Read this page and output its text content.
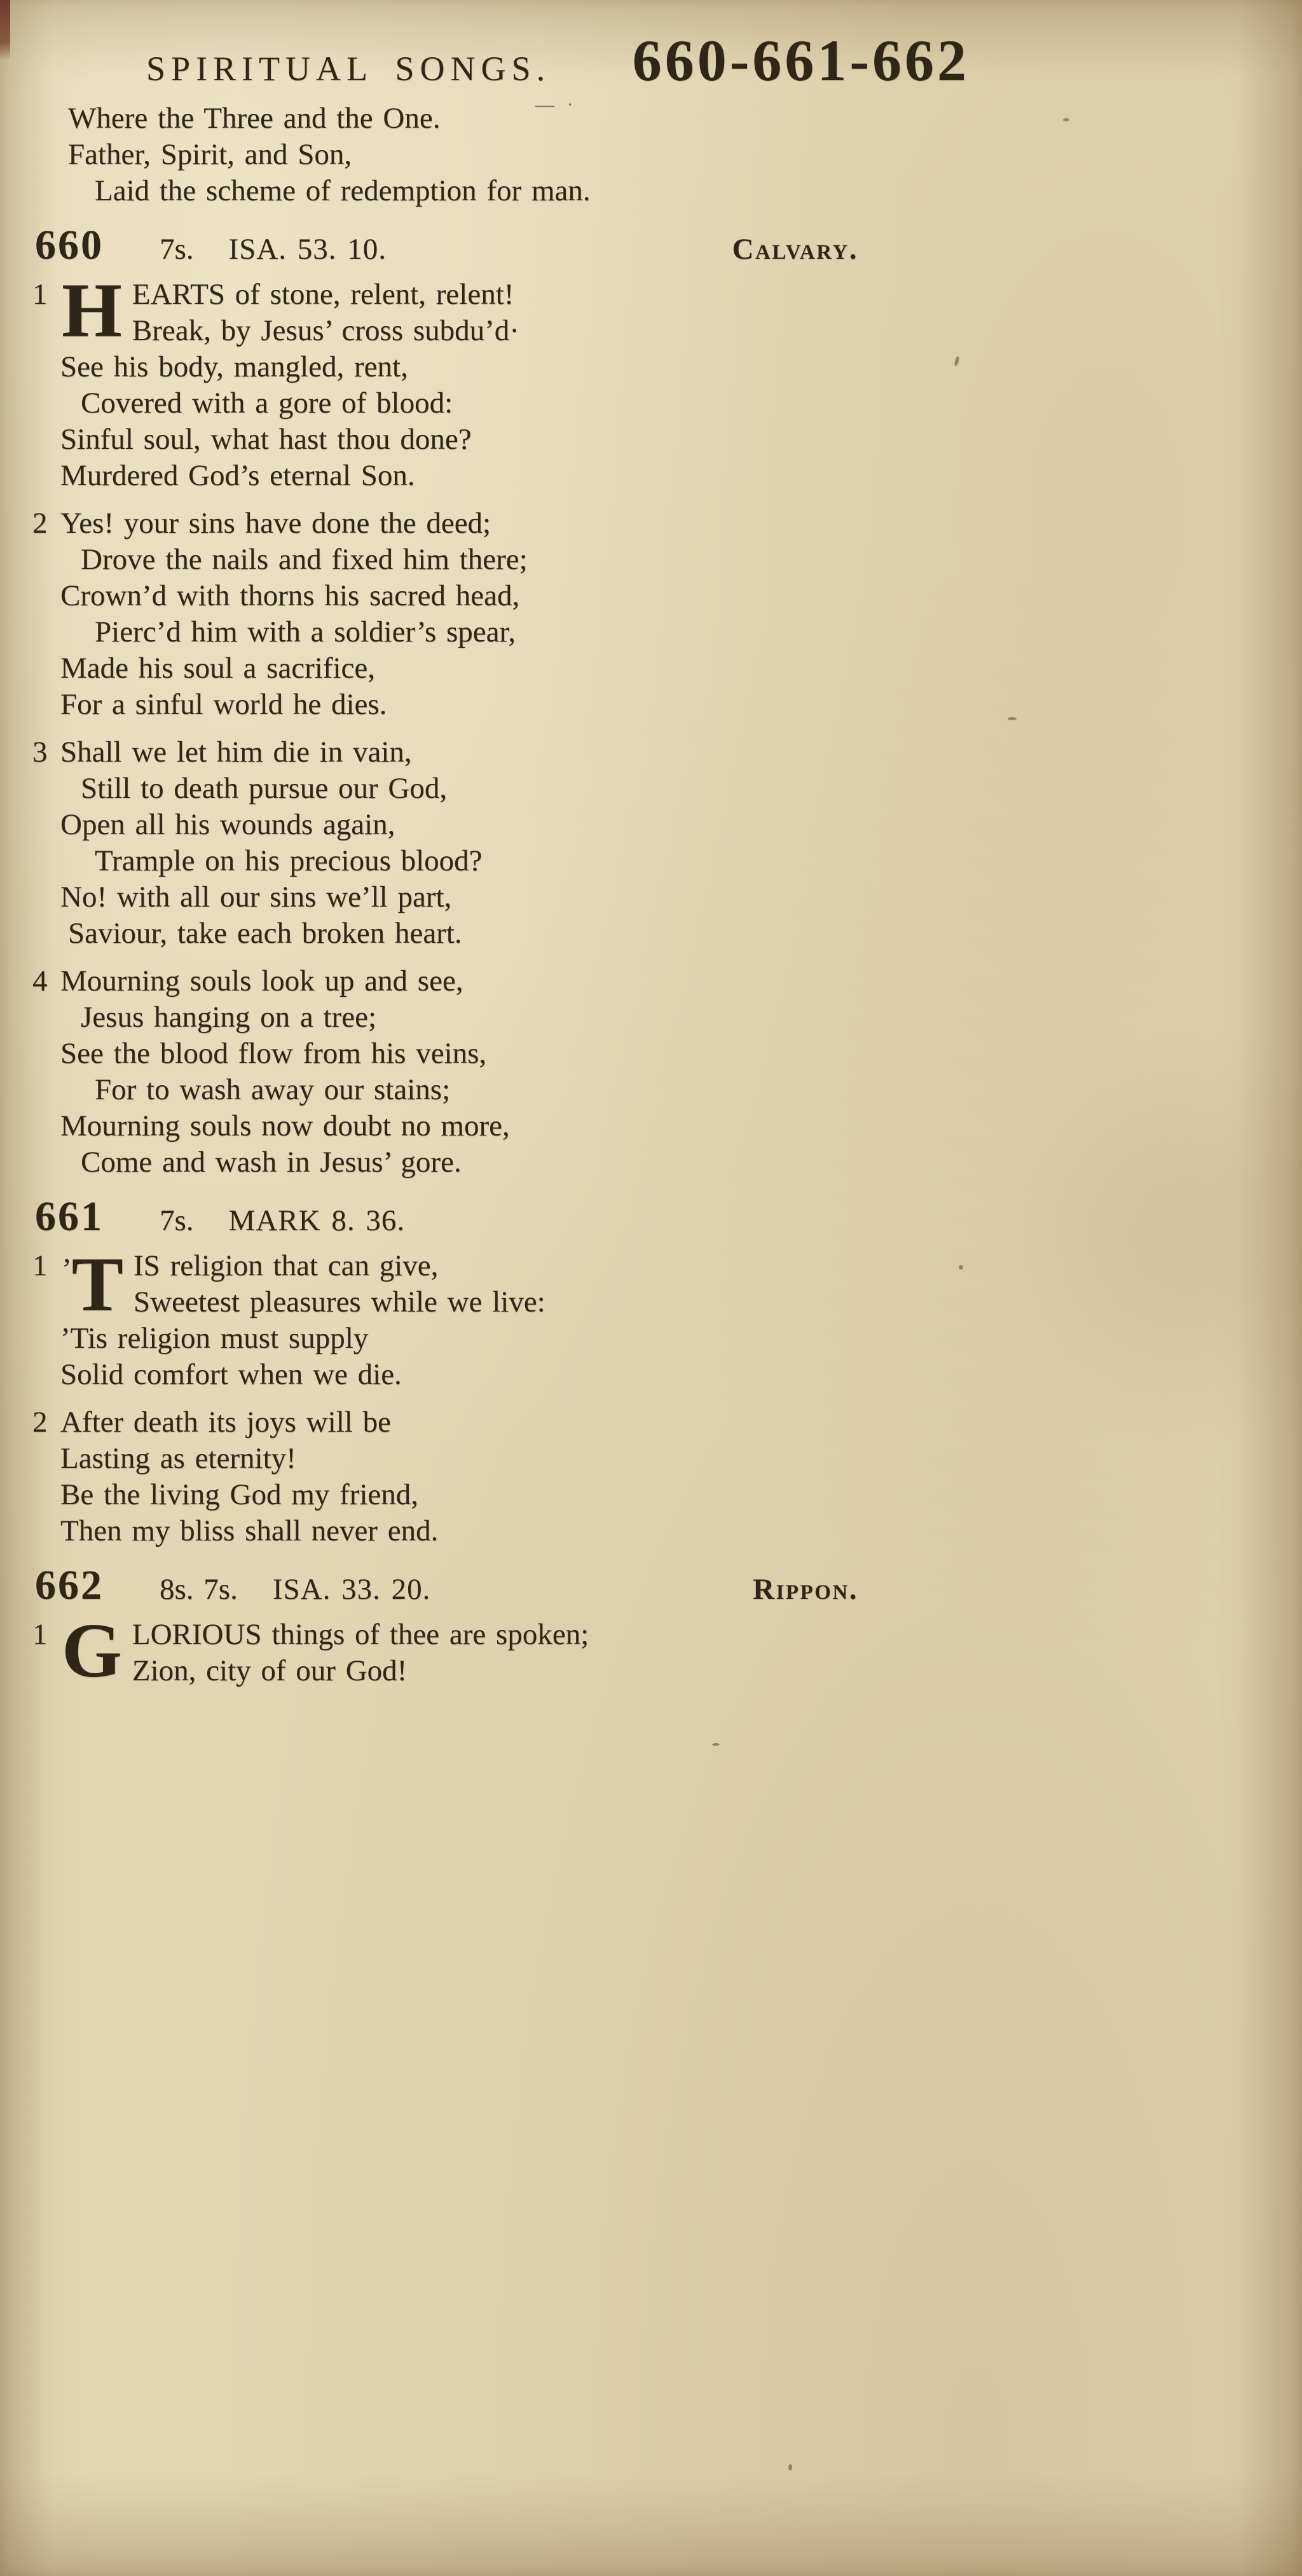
SPIRITUAL SONGS. 660-661-662
— ·
Where the Three and the One.
Father, Spirit, and Son,
Laid the scheme of redemption for man.
660 7s. ISA. 53. 10.	Calvary.
1 H EARTS of stone, relent, relent!
Break, by Jesus’ cross subdu’d·
See his body, mangled, rent,
Covered with a gore of blood:
Sinful soul, what hast thou done?
Murdered God’s eternal Son.
2 Yes! your sins have done the deed;
Drove the nails and fixed him there;
Crown’d with thorns his sacred head,
Pierc’d him with a soldier’s spear,
Made his soul a sacrifice,
For a sinful world he dies.
3 Shall we let him die in vain,
Still to death pursue our God,
Open all his wounds again,
Trample on his precious blood?
No! with all our sins we’ll part,
Saviour, take each broken heart.
4 Mourning souls look up and see,
Jesus hanging on a tree;
See the blood flow from his veins,
For to wash away our stains;
Mourning souls now doubt no more,
Come and wash in Jesus’ gore.
661 7s. MARK 8. 36.
1 ’T IS religion that can give,
Sweetest pleasures while we live:
’Tis religion must supply
Solid comfort when we die.
2 After death its joys will be
Lasting as eternity!
Be the living God my friend,
Then my bliss shall never end.
662 8s. 7s. ISA. 33. 20.	Rippon.
1 G LORIOUS things of thee are spoken;
Zion, city of our God!
